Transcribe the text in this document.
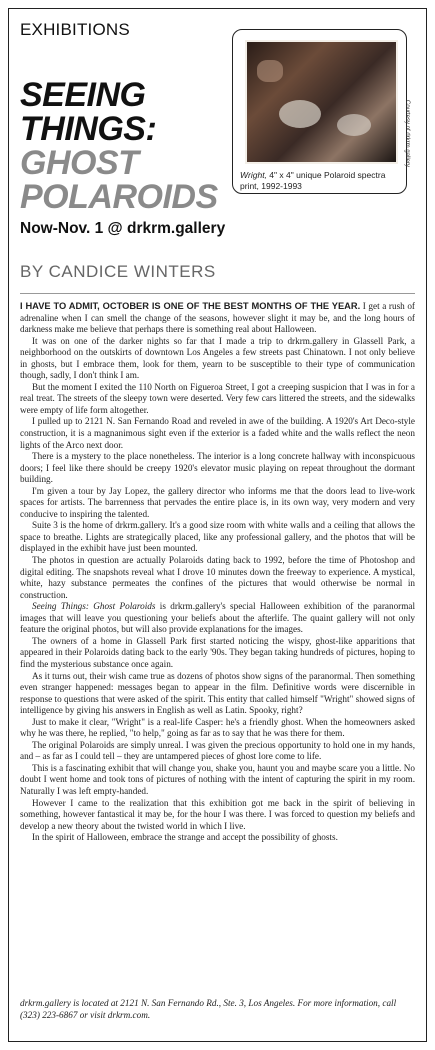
EXHIBITIONS
SEEING
THINGS:
GHOST
POLAROIDS
Now-Nov. 1 @ drkrm.gallery
BY CANDICE WINTERS
Courtesy of drkrm gallery
Wright, 4" x 4" unique Polaroid spectra print, 1992-1993

I HAVE TO ADMIT, OCTOBER IS ONE OF THE BEST MONTHS OF THE YEAR. I get a rush of adrenaline when I can smell the change of the seasons, however slight it may be, and the long hours of darkness make me believe that perhaps there is something real about Halloween.

It was on one of the darker nights so far that I made a trip to drkrm.gallery in Glassell Park, a neighborhood on the outskirts of downtown Los Angeles a few streets past Chinatown. I not only believe in ghosts, but I embrace them, look for them, yearn to be susceptible to their type of communication though, sadly, I don't think I am.

But the moment I exited the 110 North on Figueroa Street, I got a creeping suspicion that I was in for a real treat. The streets of the sleepy town were deserted. Very few cars littered the streets, and the sidewalks were empty of life form altogether.

I pulled up to 2121 N. San Fernando Road and reveled in awe of the building. A 1920's Art Deco-style construction, it is a magnanimous sight even if the exterior is a faded white and the walls reflect the neon lights of the Arco next door.

There is a mystery to the place nonetheless. The interior is a long concrete hallway with inconspicuous doors; I feel like there should be creepy 1920's elevator music playing on repeat throughout the dormant building.

I'm given a tour by Jay Lopez, the gallery director who informs me that the doors lead to live-work spaces for artists. The barrenness that pervades the entire place is, in its own way, very modern and very conducive to inspiring the talented.

Suite 3 is the home of drkrm.gallery. It's a good size room with white walls and a ceiling that allows the space to breathe. Lights are strategically placed, like any professional gallery, and the photos that will be displayed in the exhibit have just been mounted.

The photos in question are actually Polaroids dating back to 1992, before the time of Photoshop and digital editing. The snapshots reveal what I drove 10 minutes down the freeway to experience. A mystical, white, hazy substance permeates the confines of the pictures that would otherwise be normal in construction.

Seeing Things: Ghost Polaroids is drkrm.gallery's special Halloween exhibition of the paranormal images that will leave you questioning your beliefs about the afterlife. The quaint gallery will not only feature the original photos, but will also provide explanations for the images.

The owners of a home in Glassell Park first started noticing the wispy, ghost-like apparitions that appeared in their Polaroids dating back to the early '90s. They began taking hundreds of pictures, hoping to find the mysterious substance once again.

As it turns out, their wish came true as dozens of photos show signs of the paranormal. Then something even stranger happened: messages began to appear in the film. Definitive words were discernible in response to questions that were asked of the spirit. This entity that called himself "Wright" showed signs of intelligence by giving his answers in English as well as Latin. Spooky, right?

Just to make it clear, "Wright" is a real-life Casper: he's a friendly ghost. When the homeowners asked why he was there, he replied, "to help," going as far as to say that he was there for them.

The original Polaroids are simply unreal. I was given the precious opportunity to hold one in my hands, and – as far as I could tell – they are untampered pieces of ghost lore come to life.

This is a fascinating exhibit that will change you, shake you, haunt you and maybe scare you a little. No doubt I went home and took tons of pictures of nothing with the intent of capturing the spirit in my room. Naturally I was left empty-handed.

However I came to the realization that this exhibition got me back in the spirit of believing in something, however fantastical it may be, for the hour I was there. I was forced to question my beliefs and develop a new theory about the twisted world in which I live.

In the spirit of Halloween, embrace the strange and accept the possibility of ghosts.

drkrm.gallery is located at 2121 N. San Fernando Rd., Ste. 3, Los Angeles. For more information, call (323) 223-6867 or visit drkrm.com.
